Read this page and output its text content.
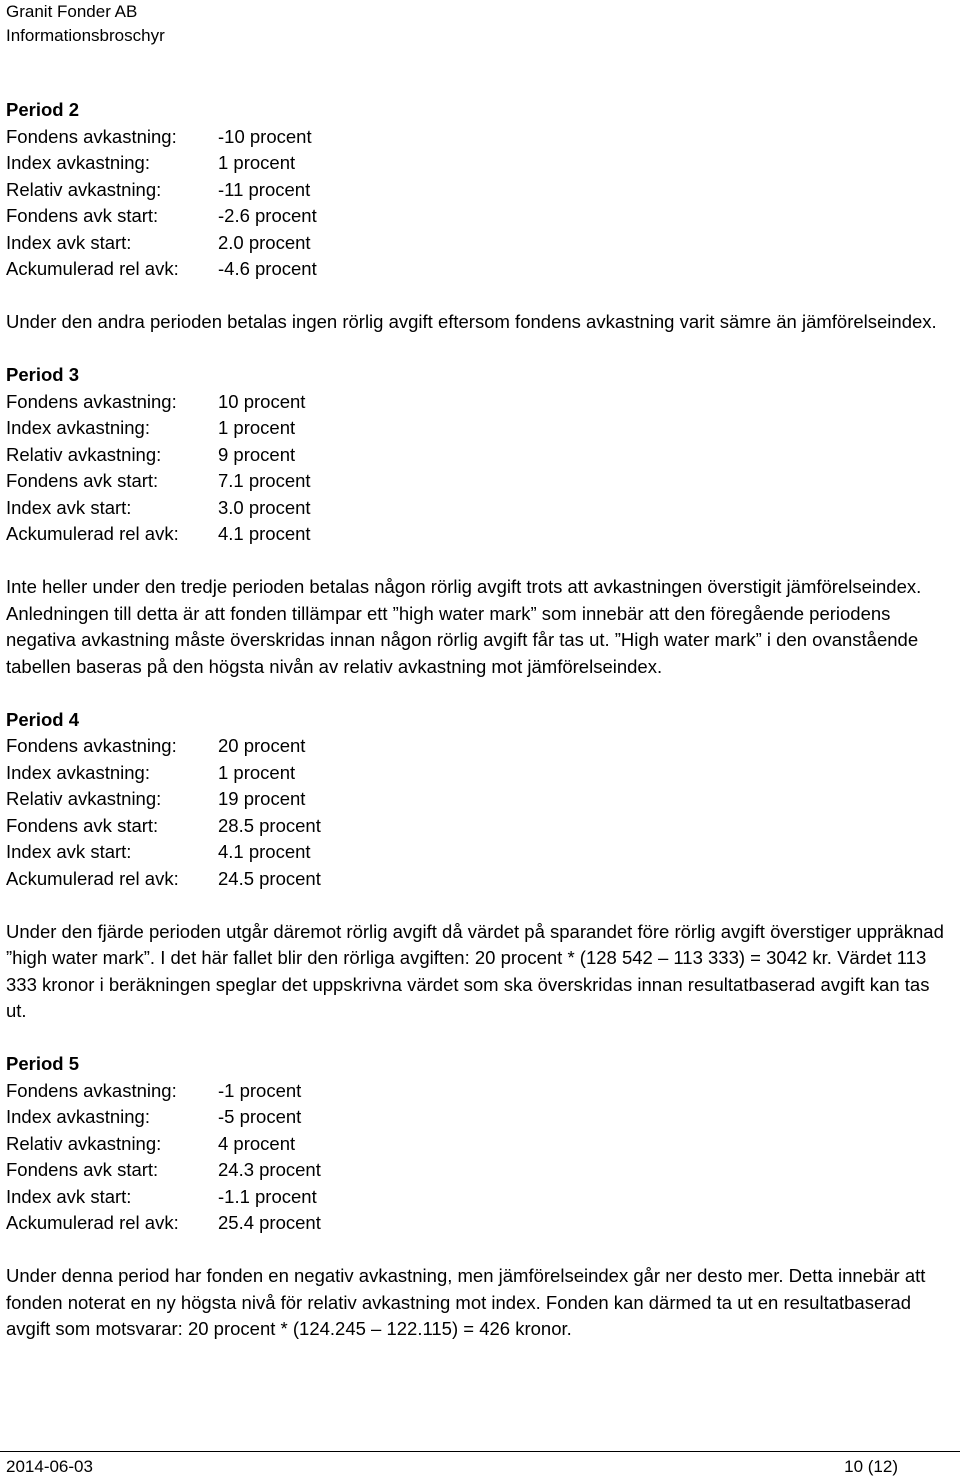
Granit Fonder AB
Informationsbroschyr
Period 2
Fondens avkastning:	-10 procent
Index avkastning:	1 procent
Relativ avkastning:	-11 procent
Fondens avk start:	-2.6 procent
Index avk start:	2.0 procent
Ackumulerad rel avk:	-4.6 procent

Under den andra perioden betalas ingen rörlig avgift eftersom fondens avkastning varit sämre än jämförelseindex.

Period 3
Fondens avkastning:	10 procent
Index avkastning:	1 procent
Relativ avkastning:	9 procent
Fondens avk start:	7.1 procent
Index avk start:	3.0 procent
Ackumulerad rel avk:	4.1 procent

Inte heller under den tredje perioden betalas någon rörlig avgift trots att avkastningen överstigit jämförelseindex. Anledningen till detta är att fonden tillämpar ett ”high water mark” som innebär att den föregående periodens negativa avkastning måste överskridas innan någon rörlig avgift får tas ut. ”High water mark” i den ovanstående tabellen baseras på den högsta nivån av relativ avkastning mot jämförelseindex.

Period 4
Fondens avkastning:	20 procent
Index avkastning:	1 procent
Relativ avkastning:	19 procent
Fondens avk start:	28.5 procent
Index avk start:	4.1 procent
Ackumulerad rel avk:	24.5 procent

Under den fjärde perioden utgår däremot rörlig avgift då värdet på sparandet före rörlig avgift överstiger uppräknad ”high water mark”. I det här fallet blir den rörliga avgiften: 20 procent * (128 542 – 113 333) = 3042 kr. Värdet 113 333 kronor i beräkningen speglar det uppskrivna värdet som ska överskridas innan resultatbaserad avgift kan tas ut.

Period 5
Fondens avkastning:	-1 procent
Index avkastning:	-5 procent
Relativ avkastning:	4 procent
Fondens avk start:	24.3 procent
Index avk start:	-1.1 procent
Ackumulerad rel avk:	25.4 procent

Under denna period har fonden en negativ avkastning, men jämförelseindex går ner desto mer. Detta innebär att fonden noterat en ny högsta nivå för relativ avkastning mot index. Fonden kan därmed ta ut en resultatbaserad avgift som motsvarar: 20 procent * (124.245 – 122.115) = 426 kronor.

2014-06-03	10 (12)
